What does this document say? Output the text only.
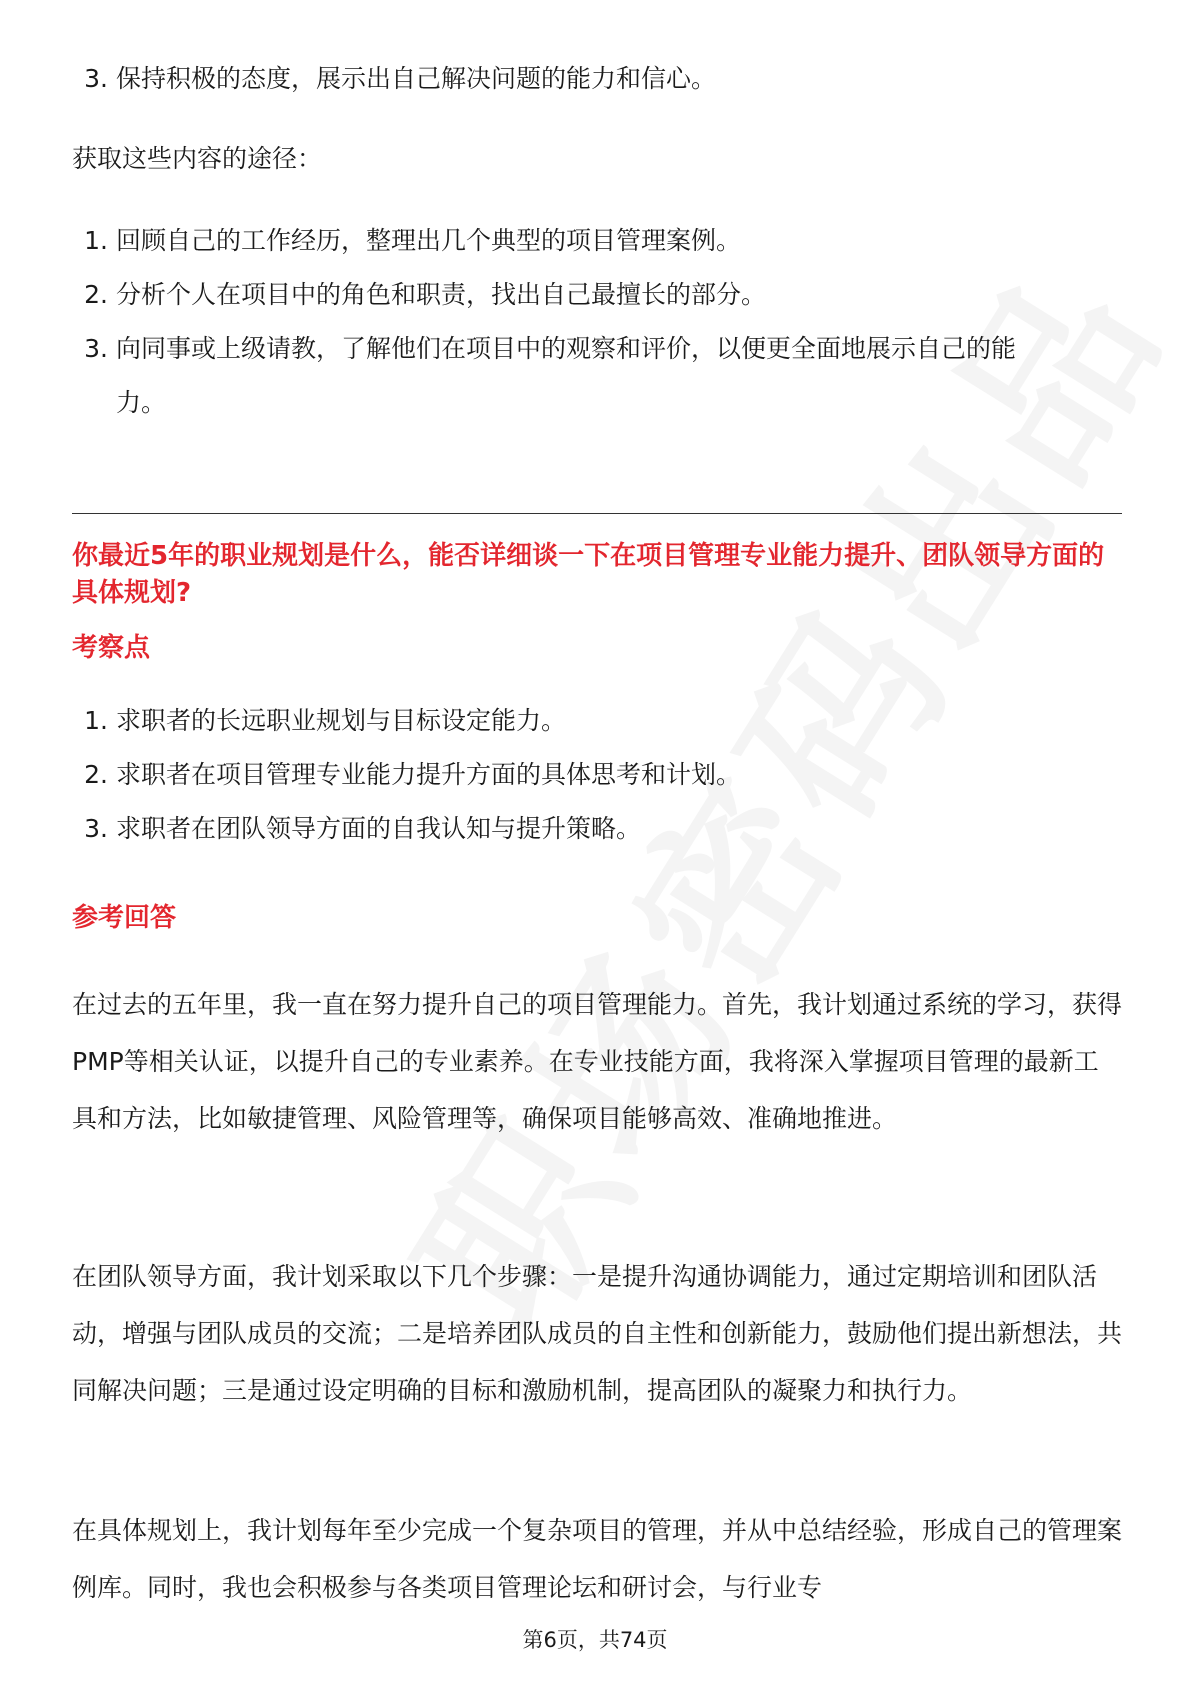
3. 保持积极的态度，展示出自己解决问题的能力和信心。

获取这些内容的途径：

1. 回顾自己的工作经历，整理出几个典型的项目管理案例。
2. 分析个人在项目中的角色和职责，找出自己最擅长的部分。
3. 向同事或上级请教，了解他们在项目中的观察和评价，以便更全面地展示自己的能力。
你最近5年的职业规划是什么，能否详细谈一下在项目管理专业能力提升、团队领导方面的具体规划?
考察点
1. 求职者的长远职业规划与目标设定能力。
2. 求职者在项目管理专业能力提升方面的具体思考和计划。
3. 求职者在团队领导方面的自我认知与提升策略。
参考回答

在过去的五年里，我一直在努力提升自己的项目管理能力。首先，我计划通过系统的学习，获得PMP等相关认证，以提升自己的专业素养。在专业技能方面，我将深入掌握项目管理的最新工具和方法，比如敏捷管理、风险管理等，确保项目能够高效、准确地推进。

在团队领导方面，我计划采取以下几个步骤：一是提升沟通协调能力，通过定期培训和团队活动，增强与团队成员的交流；二是培养团队成员的自主性和创新能力，鼓励他们提出新想法，共同解决问题；三是通过设定明确的目标和激励机制，提高团队的凝聚力和执行力。

在具体规划上，我计划每年至少完成一个复杂项目的管理，并从中总结经验，形成自己的管理案例库。同时，我也会积极参与各类项目管理论坛和研讨会，与行业专

第6页，共74页
